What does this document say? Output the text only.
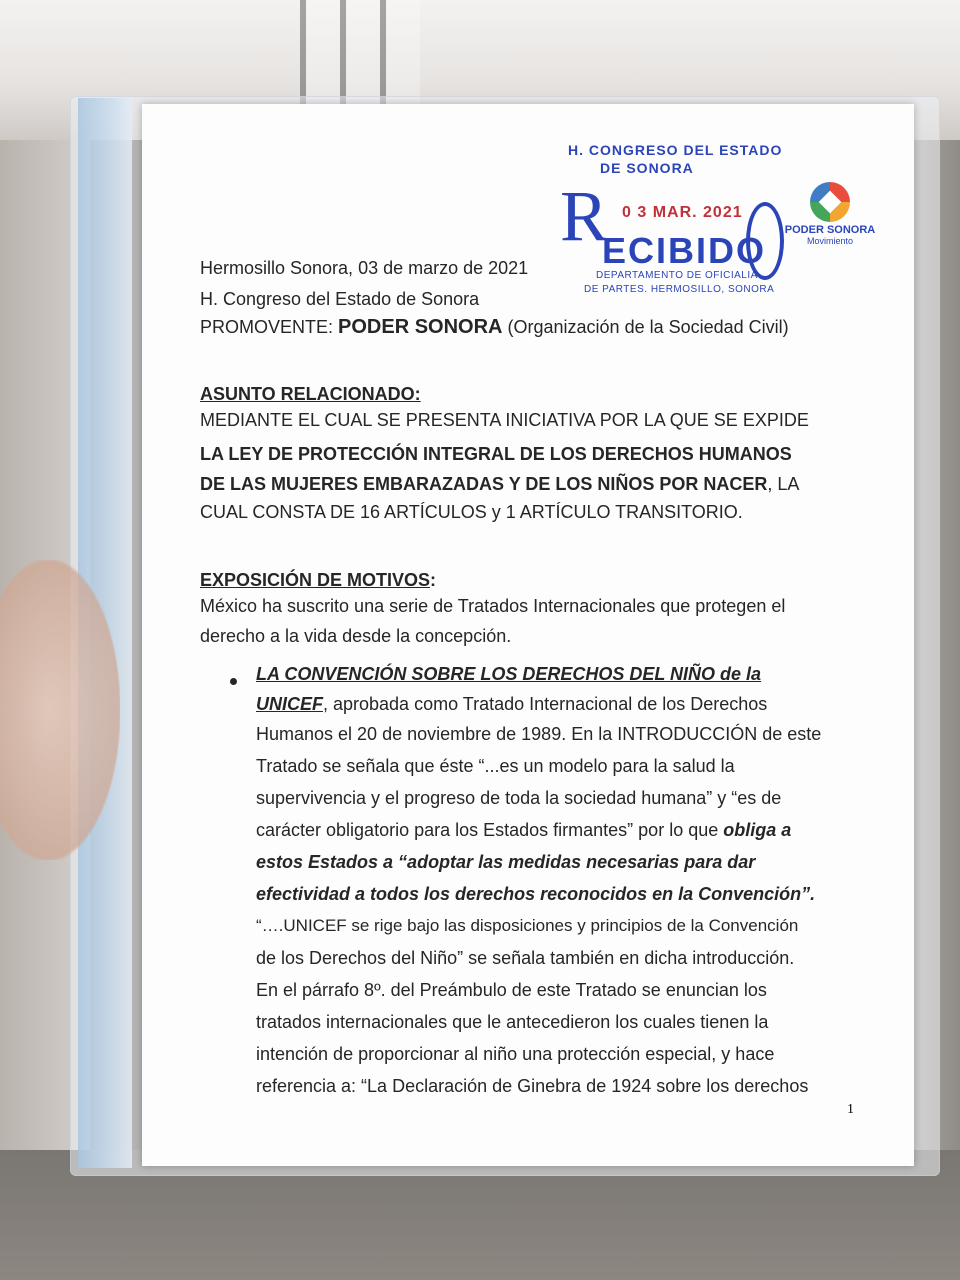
H. CONGRESO DEL ESTADO
DE SONORA
R 0 3 MAR. 2021
ECIBIDO
DEPARTAMENTO DE OFICIALIA
DE PARTES. HERMOSILLO, SONORA
PODER SONORA
Movimiento
Hermosillo Sonora, 03 de marzo de 2021
H. Congreso del Estado de Sonora
PROMOVENTE: PODER SONORA (Organización de la Sociedad Civil)
ASUNTO RELACIONADO:
MEDIANTE EL CUAL SE PRESENTA INICIATIVA POR LA QUE SE EXPIDE
LA LEY DE PROTECCIÓN INTEGRAL DE LOS DERECHOS HUMANOS
DE LAS MUJERES EMBARAZADAS Y DE LOS NIÑOS POR NACER, LA
CUAL CONSTA DE 16 ARTÍCULOS y 1 ARTÍCULO TRANSITORIO.
EXPOSICIÓN DE MOTIVOS:
México ha suscrito una serie de Tratados Internacionales que protegen el
derecho a la vida desde la concepción.
LA CONVENCIÓN SOBRE LOS DERECHOS DEL NIÑO de la
UNICEF, aprobada como Tratado Internacional de los Derechos
Humanos el 20 de noviembre de 1989. En la INTRODUCCIÓN de este
Tratado se señala que éste “...es un modelo para la salud la
supervivencia y el progreso de toda la sociedad humana” y “es de
carácter obligatorio para los Estados firmantes” por lo que obliga a
estos Estados a “adoptar las medidas necesarias para dar
efectividad a todos los derechos reconocidos en la Convención”.
“….UNICEF se rige bajo las disposiciones y principios de la Convención
de los Derechos del Niño” se señala también en dicha introducción.
En el párrafo 8º. del Preámbulo de este Tratado se enuncian los
tratados internacionales que le antecedieron los cuales tienen la
intención de proporcionar al niño una protección especial, y hace
referencia a: “La Declaración de Ginebra de 1924 sobre los derechos
1
